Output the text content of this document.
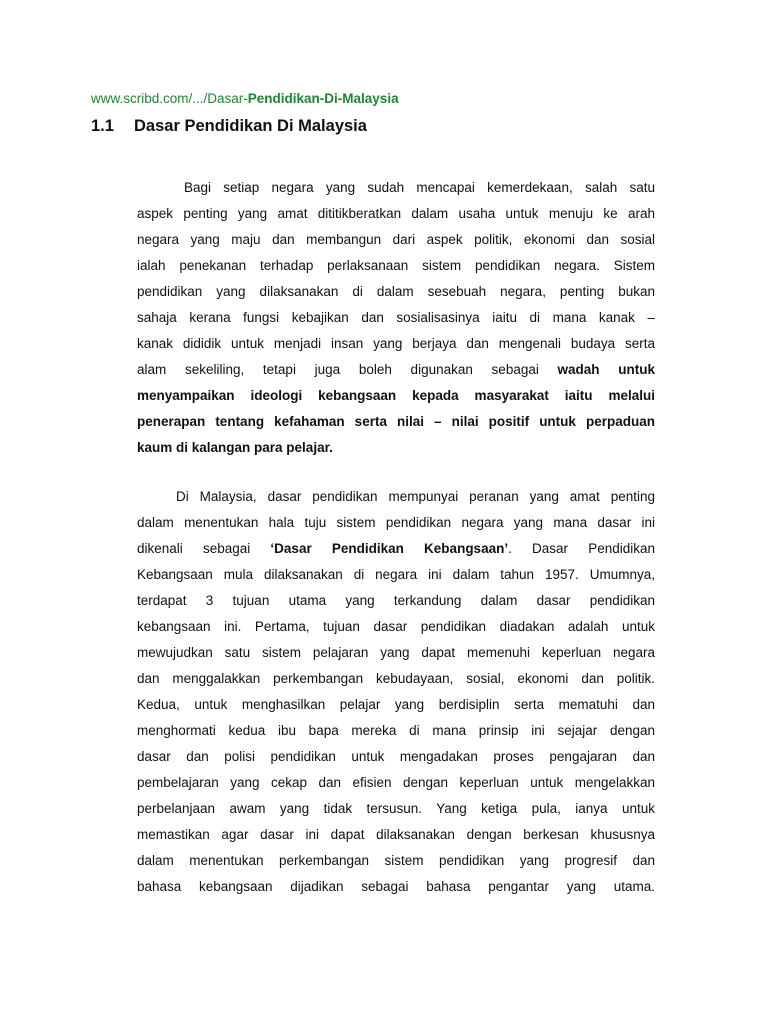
www.scribd.com/.../Dasar-Pendidikan-Di-Malaysia
1.1 Dasar Pendidikan Di Malaysia
Bagi setiap negara yang sudah mencapai kemerdekaan, salah satu
aspek penting yang amat dititikberatkan dalam usaha untuk menuju ke arah
negara yang maju dan membangun dari aspek politik, ekonomi dan sosial
ialah penekanan terhadap perlaksanaan sistem pendidikan negara. Sistem
pendidikan yang dilaksanakan di dalam sesebuah negara, penting bukan
sahaja kerana fungsi kebajikan dan sosialisasinya iaitu di mana kanak –
kanak dididik untuk menjadi insan yang berjaya dan mengenali budaya serta
alam sekeliling, tetapi juga boleh digunakan sebagai wadah untuk
menyampaikan ideologi kebangsaan kepada masyarakat iaitu melalui
penerapan tentang kefahaman serta nilai – nilai positif untuk perpaduan
kaum di kalangan para pelajar.
Di Malaysia, dasar pendidikan mempunyai peranan yang amat penting
dalam menentukan hala tuju sistem pendidikan negara yang mana dasar ini
dikenali sebagai ‘Dasar Pendidikan Kebangsaan’. Dasar Pendidikan
Kebangsaan mula dilaksanakan di negara ini dalam tahun 1957. Umumnya,
terdapat 3 tujuan utama yang terkandung dalam dasar pendidikan
kebangsaan ini. Pertama, tujuan dasar pendidikan diadakan adalah untuk
mewujudkan satu sistem pelajaran yang dapat memenuhi keperluan negara
dan menggalakkan perkembangan kebudayaan, sosial, ekonomi dan politik.
Kedua, untuk menghasilkan pelajar yang berdisiplin serta mematuhi dan
menghormati kedua ibu bapa mereka di mana prinsip ini sejajar dengan
dasar dan polisi pendidikan untuk mengadakan proses pengajaran dan
pembelajaran yang cekap dan efisien dengan keperluan untuk mengelakkan
perbelanjaan awam yang tidak tersusun. Yang ketiga pula, ianya untuk
memastikan agar dasar ini dapat dilaksanakan dengan berkesan khususnya
dalam menentukan perkembangan sistem pendidikan yang progresif dan
bahasa kebangsaan dijadikan sebagai bahasa pengantar yang utama.
